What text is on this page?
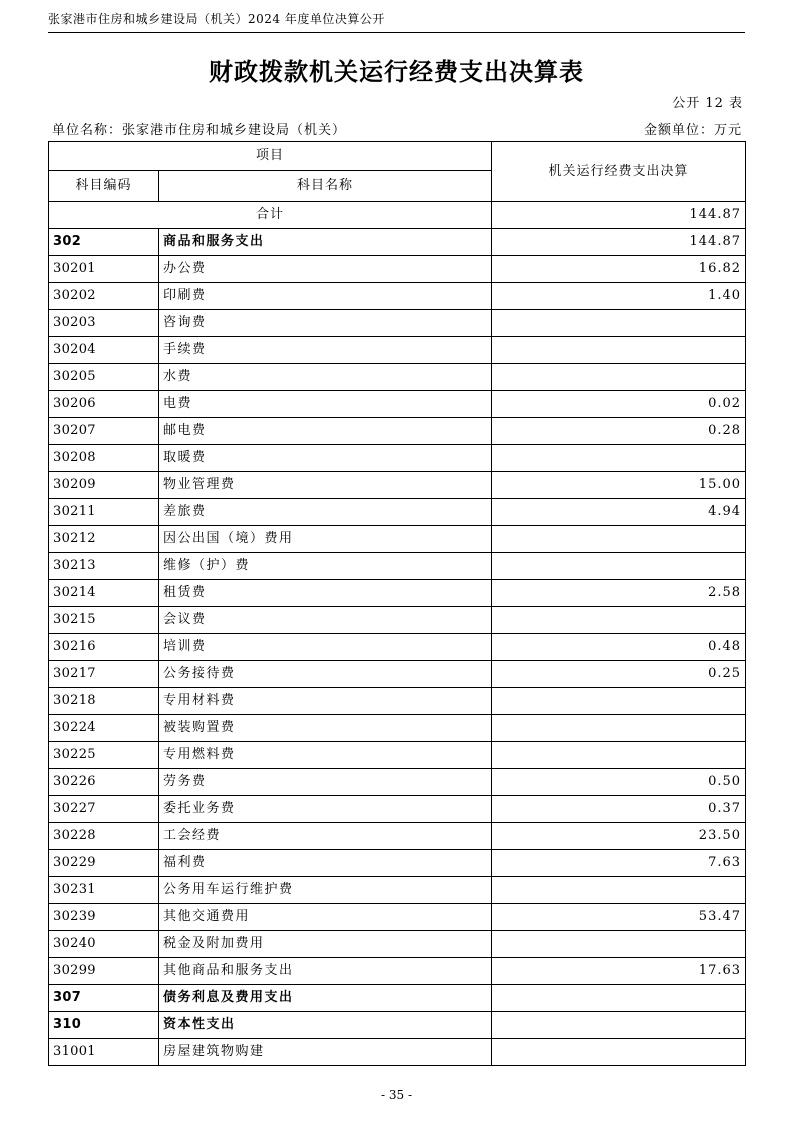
张家港市住房和城乡建设局（机关）2024 年度单位决算公开
财政拨款机关运行经费支出决算表
公开 12 表
单位名称：张家港市住房和城乡建设局（机关）	金额单位：万元
项目		机关运行经费支出决算
科目编码	科目名称	
合计		144.87
302	商品和服务支出	144.87
30201	办公费	16.82
30202	印刷费	1.40
30203	咨询费	
30204	手续费	
30205	水费	
30206	电费	0.02
30207	邮电费	0.28
30208	取暖费	
30209	物业管理费	15.00
30211	差旅费	4.94
30212	因公出国（境）费用	
30213	维修（护）费	
30214	租赁费	2.58
30215	会议费	
30216	培训费	0.48
30217	公务接待费	0.25
30218	专用材料费	
30224	被装购置费	
30225	专用燃料费	
30226	劳务费	0.50
30227	委托业务费	0.37
30228	工会经费	23.50
30229	福利费	7.63
30231	公务用车运行维护费	
30239	其他交通费用	53.47
30240	税金及附加费用	
30299	其他商品和服务支出	17.63
307	债务利息及费用支出	
310	资本性支出	
31001	房屋建筑物购建	
- 35 -
